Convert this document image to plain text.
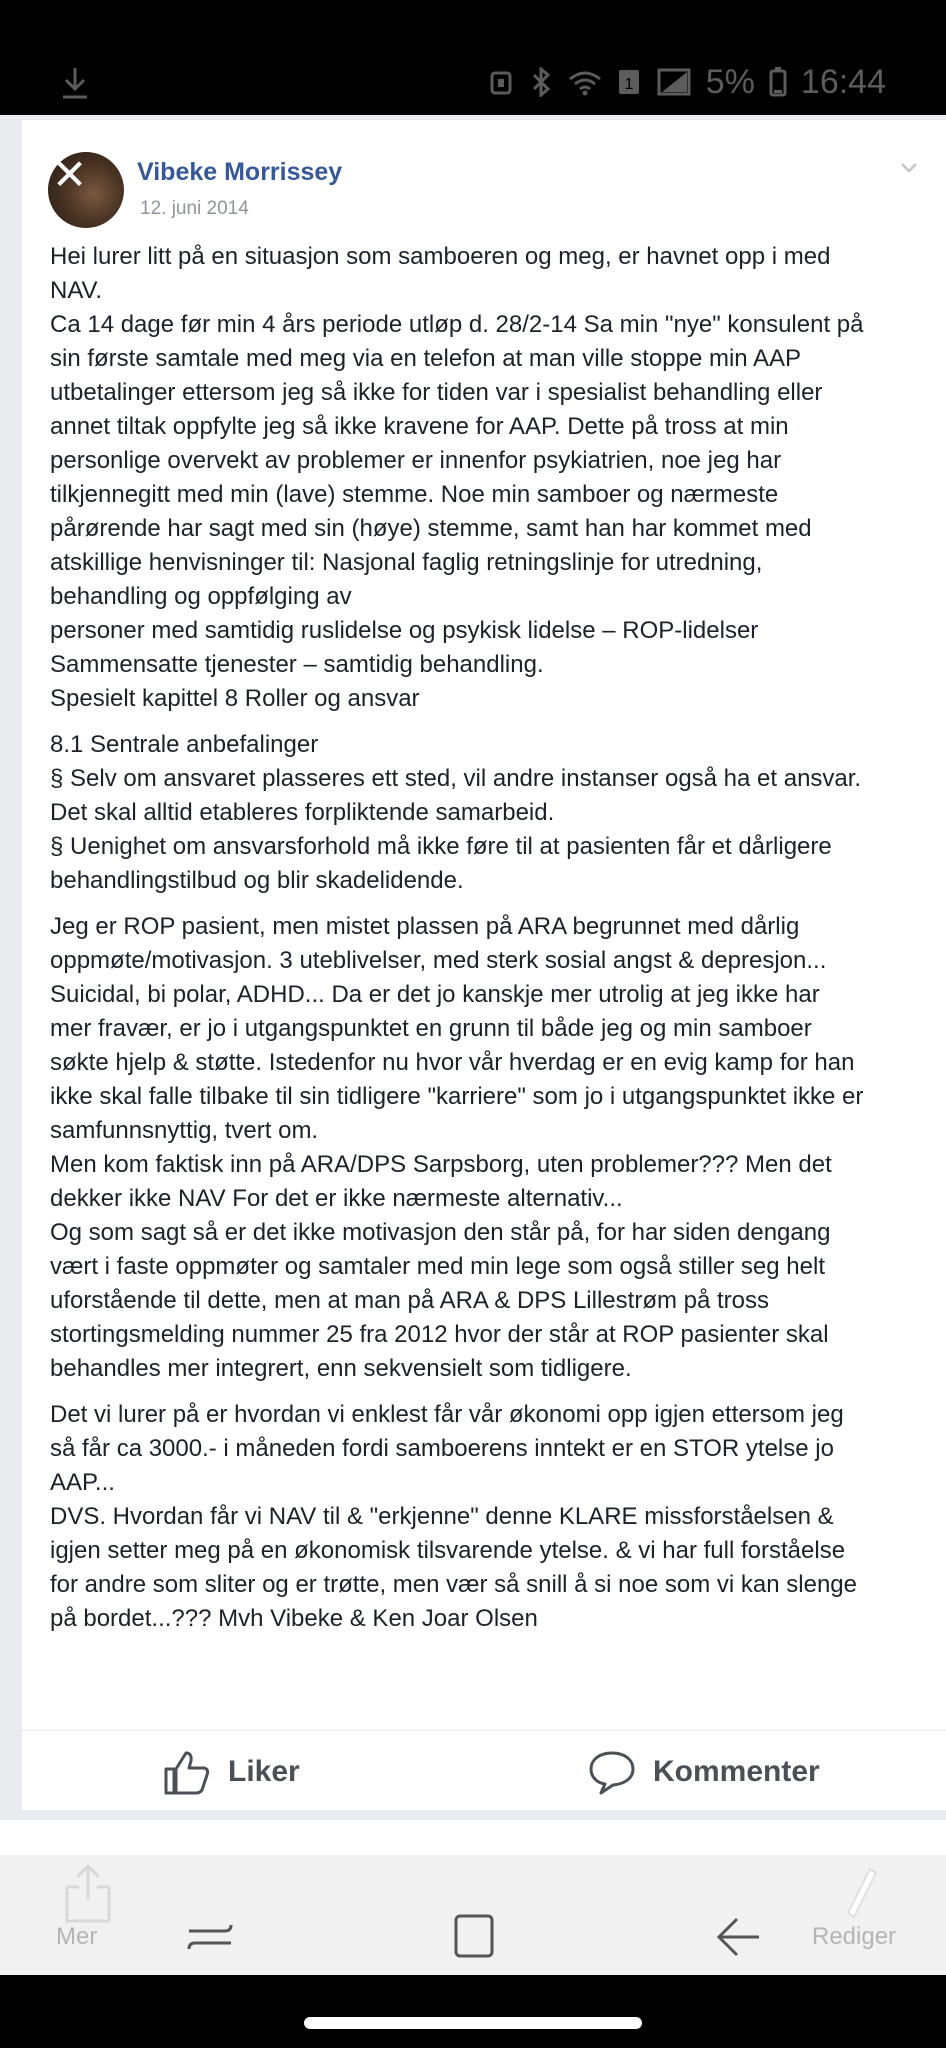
1 5% 16:44
✕ Vibeke Morrissey
12. juni 2014

Hei lurer litt på en situasjon som samboeren og meg, er havnet opp i med
NAV.
Ca 14 dage før min 4 års periode utløp d. 28/2-14 Sa min "nye" konsulent på
sin første samtale med meg via en telefon at man ville stoppe min AAP
utbetalinger ettersom jeg så ikke for tiden var i spesialist behandling eller
annet tiltak oppfylte jeg så ikke kravene for AAP. Dette på tross at min
personlige overvekt av problemer er innenfor psykiatrien, noe jeg har
tilkjennegitt med min (lave) stemme. Noe min samboer og nærmeste
pårørende har sagt med sin (høye) stemme, samt han har kommet med
atskillige henvisninger til: Nasjonal faglig retningslinje for utredning,
behandling og oppfølging av
personer med samtidig ruslidelse og psykisk lidelse – ROP-lidelser
Sammensatte tjenester – samtidig behandling.
Spesielt kapittel 8 Roller og ansvar

8.1 Sentrale anbefalinger
§ Selv om ansvaret plasseres ett sted, vil andre instanser også ha et ansvar.
Det skal alltid etableres forpliktende samarbeid.
§ Uenighet om ansvarsforhold må ikke føre til at pasienten får et dårligere
behandlingstilbud og blir skadelidende.

Jeg er ROP pasient, men mistet plassen på ARA begrunnet med dårlig
oppmøte/motivasjon. 3 uteblivelser, med sterk sosial angst & depresjon...
Suicidal, bi polar, ADHD... Da er det jo kanskje mer utrolig at jeg ikke har
mer fravær, er jo i utgangspunktet en grunn til både jeg og min samboer
søkte hjelp & støtte. Istedenfor nu hvor vår hverdag er en evig kamp for han
ikke skal falle tilbake til sin tidligere "karriere" som jo i utgangspunktet ikke er
samfunnsnyttig, tvert om.
Men kom faktisk inn på ARA/DPS Sarpsborg, uten problemer??? Men det
dekker ikke NAV For det er ikke nærmeste alternativ...
Og som sagt så er det ikke motivasjon den står på, for har siden dengang
vært i faste oppmøter og samtaler med min lege som også stiller seg helt
uforstående til dette, men at man på ARA & DPS Lillestrøm på tross
stortingsmelding nummer 25 fra 2012 hvor der står at ROP pasienter skal
behandles mer integrert, enn sekvensielt som tidligere.

Det vi lurer på er hvordan vi enklest får vår økonomi opp igjen ettersom jeg
så får ca 3000.- i måneden fordi samboerens inntekt er en STOR ytelse jo
AAP...
DVS. Hvordan får vi NAV til & "erkjenne" denne KLARE missforståelsen &
igjen setter meg på en økonomisk tilsvarende ytelse. & vi har full forståelse
for andre som sliter og er trøtte, men vær så snill å si noe som vi kan slenge
på bordet...??? Mvh Vibeke & Ken Joar Olsen

Liker	Kommenter
Mer	Rediger
